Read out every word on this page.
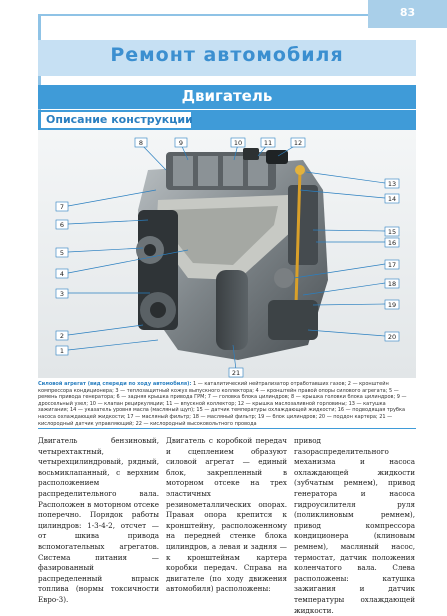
83
Ремонт автомобиля
Двигатель
Описание конструкции
8	9	10	11	12
7
6
5
4
3
2
1
13
14
15
16
17
18
19
20
21
Силовой агрегат (вид спереди по ходу автомобиля): 1 — каталитический нейтрализатор отработавших газов; 2 — кронштейн компрессора кондиционера; 3 — теплозащитный кожух выпускного коллектора; 4 — кронштейн правой опоры силового агрегата; 5 — ремень привода генератора; 6 — задняя крышка привода ГРМ; 7 — головка блока цилиндров; 8 — крышка головки блока цилиндров; 9 — дроссельный узел; 10 — клапан рециркуляции; 11 — впускной коллектор; 12 — крышка маслозаливной горловины; 13 — катушка зажигания; 14 — указатель уровня масла (масляный щуп); 15 — датчик температуры охлаждающей жидкости; 16 — подводящая трубка насоса охлаждающей жидкости; 17 — масляный фильтр; 18 — масляный фильтр; 19 — блок цилиндров; 20 — поддон картера; 21 — кислородный датчик управляющий; 22 — кислородный высоковольтного провода
Двигатель бензиновый, четырехтактный, четырехцилиндровый, рядный, восьмиклапанный, с верхним расположением распределительного вала. Расположен в моторном отсеке поперечно. Порядок работы цилиндров: 1-3-4-2, отсчет — от шкива привода вспомогательных агрегатов. Система питания — фазированный распределенный впрыск топлива (нормы токсичности Евро-3).
Двигатель с коробкой передач и сцеплением образуют силовой агрегат — единый блок, закрепленный в моторном отсеке на трех эластичных резинометаллических опорах. Правая опора крепится к кронштейну, расположенному на передней стенке блока цилиндров, а левая и задняя — к кронштейнам картера коробки передач. Справа на двигателе (по ходу движения автомобиля) расположены:
привод газораспределительного механизма и насоса охлаждающей жидкости (зубчатым ремнем), привод генератора и насоса гидроусилителя руля (поликлиновым ремнем), привод компрессора кондиционера (клиновым ремнем), масляный насос, термостат, датчик положения коленчатого вала. Слева расположены: катушка зажигания и датчик температуры охлаждающей жидкости.
